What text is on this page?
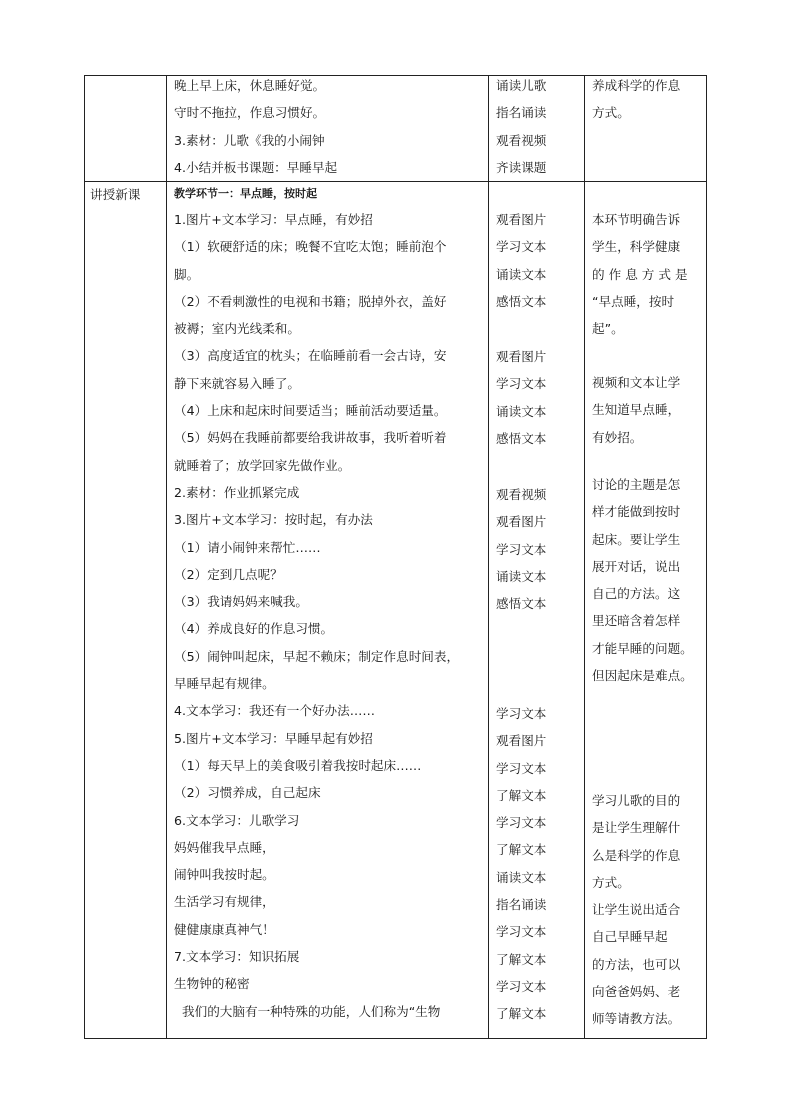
晚上早上床，休息睡好觉。
守时不拖拉，作息习惯好。
3.素材：儿歌《我的小闹钟
4.小结并板书课题：早睡早起
诵读儿歌
指名诵读
观看视频
齐读课题
养成科学的作息
方式。
讲授新课	教学环节一：早点睡，按时起
1.图片+文本学习：早点睡，有妙招
（1）软硬舒适的床；晚餐不宜吃太饱；睡前泡个
脚。
（2）不看刺激性的电视和书籍；脱掉外衣，盖好
被褥；室内光线柔和。
（3）高度适宜的枕头；在临睡前看一会古诗，安
静下来就容易入睡了。
（4）上床和起床时间要适当；睡前活动要适量。
（5）妈妈在我睡前都要给我讲故事，我听着听着
就睡着了；放学回家先做作业。
2.素材：作业抓紧完成
3.图片+文本学习：按时起，有办法
（1）请小闹钟来帮忙……
（2）定到几点呢？
（3）我请妈妈来喊我。
（4）养成良好的作息习惯。
（5）闹钟叫起床，早起不赖床；制定作息时间表，
早睡早起有规律。
4.文本学习：我还有一个好办法……
5.图片+文本学习：早睡早起有妙招
（1）每天早上的美食吸引着我按时起床……
（2）习惯养成，自己起床
6.文本学习：儿歌学习
妈妈催我早点睡，
闹钟叫我按时起。
生活学习有规律，
健健康康真神气！
7.文本学习：知识拓展
生物钟的秘密
我们的大脑有一种特殊的功能，人们称为“生物
观看图片
学习文本
诵读文本
感悟文本
观看图片
学习文本
诵读文本
感悟文本
观看视频
观看图片
学习文本
诵读文本
感悟文本
学习文本
观看图片
学习文本
了解文本
学习文本
了解文本
诵读文本
指名诵读
学习文本
了解文本
学习文本
了解文本
本环节明确告诉
学生，科学健康
的 作 息 方 式 是
“早点睡，按时
起”。
视频和文本让学
生知道早点睡，
有妙招。
讨论的主题是怎
样才能做到按时
起床。要让学生
展开对话，说出
自己的方法。这
里还暗含着怎样
才能早睡的问题。
但因起床是难点。
学习儿歌的目的
是让学生理解什
么是科学的作息
方式。
让学生说出适合
自己早睡早起
的方法，也可以
向爸爸妈妈、老
师等请教方法。
